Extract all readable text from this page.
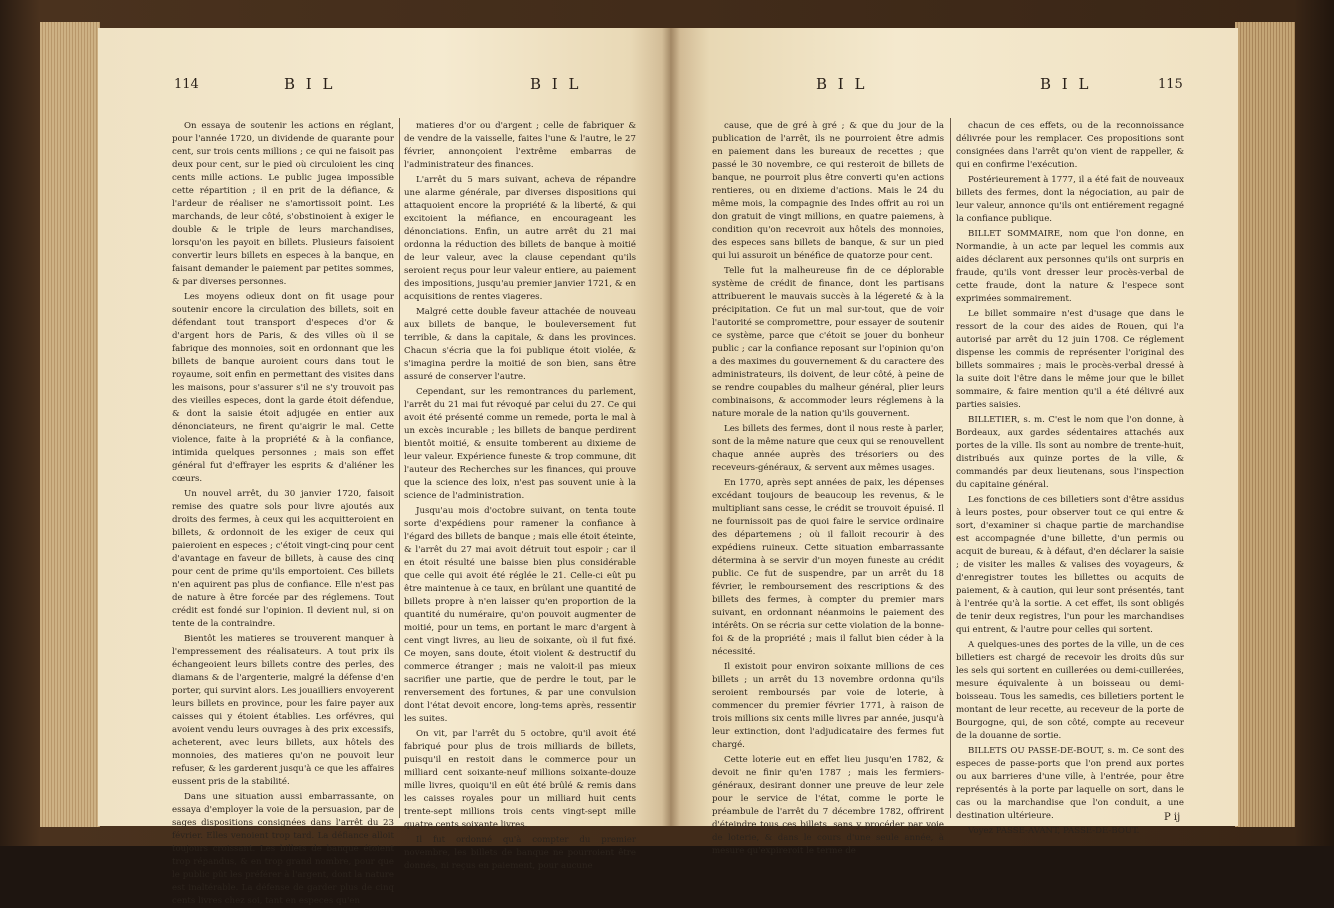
114	B I L	B I L

On essaya de soutenir les actions en réglant, pour l'année 1720, un dividende de quarante pour cent, sur trois cents millions ; ce qui ne faisoit pas deux pour cent, sur le pied où circuloient les cinq cents mille actions. Le public jugea impossible cette répartition ; il en prit de la défiance, & l'ardeur de réaliser ne s'amortissoit point. Les marchands, de leur côté, s'obstinoient à exiger le double & le triple de leurs marchandises, lorsqu'on les payoit en billets. Plusieurs faisoient convertir leurs billets en especes à la banque, en faisant demander le paiement par petites sommes, & par diverses personnes.

Les moyens odieux dont on fit usage pour soutenir encore la circulation des billets, soit en défendant tout transport d'especes d'or & d'argent hors de Paris, & des villes où il se fabrique des monnoies, soit en ordonnant que les billets de banque auroient cours dans tout le royaume, soit enfin en permettant des visites dans les maisons, pour s'assurer s'il ne s'y trouvoit pas des vieilles especes, dont la garde étoit défendue, & dont la saisie étoit adjugée en entier aux dénonciateurs, ne firent qu'aigrir le mal. Cette violence, faite à la propriété & à la confiance, intimida quelques personnes ; mais son effet général fut d'effrayer les esprits & d'aliéner les cœurs.

Un nouvel arrêt, du 30 janvier 1720, faisoit remise des quatre sols pour livre ajoutés aux droits des fermes, à ceux qui les acquitteroient en billets, & ordonnoit de les exiger de ceux qui paieroient en especes ; c'étoit vingt-cinq pour cent d'avantage en faveur de billets, à cause des cinq pour cent de prime qu'ils emportoient. Ces billets n'en aquirent pas plus de confiance. Elle n'est pas de nature à être forcée par des réglemens. Tout crédit est fondé sur l'opinion. Il devient nul, si on tente de la contraindre.

Bientôt les matieres se trouverent manquer à l'empressement des réalisateurs. A tout prix ils échangeoient leurs billets contre des perles, des diamans & de l'argenterie, malgré la défense d'en porter, qui survint alors. Les jouailliers envoyerent leurs billets en province, pour les faire payer aux caisses qui y étoient établies. Les orfévres, qui avoient vendu leurs ouvrages à des prix excessifs, acheterent, avec leurs billets, aux hôtels des monnoies, des matieres qu'on ne pouvoit leur refuser, & les garderent jusqu'à ce que les affaires eussent pris de la stabilité.

Dans une situation aussi embarrassante, on essaya d'employer la voie de la persuasion, par de sages dispositions consignées dans l'arrêt du 23 février. Elles venoient trop tard. La défiance alloit toujours croissant. Les billets de banque étoient trop répandus, & en trop grand nombre, pour que le public pût les préférer à l'argent, dont la nature est inaltérable. La défense de garder plus de cinq cents livres chez soi, tant en especes qu'en

matieres d'or ou d'argent ; celle de fabriquer & de vendre de la vaisselle, faites l'une & l'autre, le 27 février, annonçoient l'extrême embarras de l'administrateur des finances.

L'arrêt du 5 mars suivant, acheva de répandre une alarme générale, par diverses dispositions qui attaquoient encore la propriété & la liberté, & qui excitoient la méfiance, en encourageant les dénonciations. Enfin, un autre arrêt du 21 mai ordonna la réduction des billets de banque à moitié de leur valeur, avec la clause cependant qu'ils seroient reçus pour leur valeur entiere, au paiement des impositions, jusqu'au premier janvier 1721, & en acquisitions de rentes viageres.

Malgré cette double faveur attachée de nouveau aux billets de banque, le bouleversement fut terrible, & dans la capitale, & dans les provinces. Chacun s'écria que la foi publique étoit violée, & s'imagina perdre la moitié de son bien, sans être assuré de conserver l'autre.

Cependant, sur les remontrances du parlement, l'arrêt du 21 mai fut révoqué par celui du 27. Ce qui avoit été présenté comme un remede, porta le mal à un excès incurable ; les billets de banque perdirent bientôt moitié, & ensuite tomberent au dixieme de leur valeur. Expérience funeste & trop commune, dit l'auteur des Recherches sur les finances, qui prouve que la science des loix, n'est pas souvent unie à la science de l'administration.

Jusqu'au mois d'octobre suivant, on tenta toute sorte d'expédiens pour ramener la confiance à l'égard des billets de banque ; mais elle étoit éteinte, & l'arrêt du 27 mai avoit détruit tout espoir ; car il en étoit résulté une baisse bien plus considérable que celle qui avoit été réglée le 21. Celle-ci eût pu être maintenue à ce taux, en brûlant une quantité de billets propre à n'en laisser qu'en proportion de la quantité du numéraire, qu'on pouvoit augmenter de moitié, pour un tems, en portant le marc d'argent à cent vingt livres, au lieu de soixante, où il fut fixé. Ce moyen, sans doute, étoit violent & destructif du commerce étranger ; mais ne valoit-il pas mieux sacrifier une partie, que de perdre le tout, par le renversement des fortunes, & par une convulsion dont l'état devoit encore, long-tems après, ressentir les suites.

On vit, par l'arrêt du 5 octobre, qu'il avoit été fabriqué pour plus de trois milliards de billets, puisqu'il en restoit dans le commerce pour un milliard cent soixante-neuf millions soixante-douze mille livres, quoiqu'il en eût été brûlé & remis dans les caisses royales pour un milliard huit cents trente-sept millions trois cents vingt-sept mille quatre cents soixante livres.

Il fut ordonné qu'à compter du premier novembre, les billets de banque ne pourroient être donnés, ni reçus en paiement, pour aucune

B I L	B I L	115

cause, que de gré à gré ; & que du jour de la publication de l'arrêt, ils ne pourroient être admis en paiement dans les bureaux de recettes ; que passé le 30 novembre, ce qui resteroit de billets de banque, ne pourroit plus être converti qu'en actions rentieres, ou en dixieme d'actions. Mais le 24 du même mois, la compagnie des Indes offrit au roi un don gratuit de vingt millions, en quatre paiemens, à condition qu'on recevroit aux hôtels des monnoies, des especes sans billets de banque, & sur un pied qui lui assuroit un bénéfice de quatorze pour cent.

Telle fut la malheureuse fin de ce déplorable système de crédit de finance, dont les partisans attribuerent le mauvais succès à la légereté & à la précipitation. Ce fut un mal sur-tout, que de voir l'autorité se compromettre, pour essayer de soutenir ce système, parce que c'étoit se jouer du bonheur public ; car la confiance reposant sur l'opinion qu'on a des maximes du gouvernement & du caractere des administrateurs, ils doivent, de leur côté, à peine de se rendre coupables du malheur général, plier leurs combinaisons, & accommoder leurs réglemens à la nature morale de la nation qu'ils gouvernent.

Les billets des fermes, dont il nous reste à parler, sont de la même nature que ceux qui se renouvellent chaque année auprès des trésoriers ou des receveurs-généraux, & servent aux mêmes usages.

En 1770, après sept années de paix, les dépenses excédant toujours de beaucoup les revenus, & le multipliant sans cesse, le crédit se trouvoit épuisé. Il ne fournissoit pas de quoi faire le service ordinaire des départemens ; où il falloit recourir à des expédiens ruineux. Cette situation embarrassante détermina à se servir d'un moyen funeste au crédit public. Ce fut de suspendre, par un arrêt du 18 février, le remboursement des rescriptions & des billets des fermes, à compter du premier mars suivant, en ordonnant néanmoins le paiement des intérêts. On se récria sur cette violation de la bonne-foi & de la propriété ; mais il fallut bien céder à la nécessité.

Il existoit pour environ soixante millions de ces billets ; un arrêt du 13 novembre ordonna qu'ils seroient remboursés par voie de loterie, à commencer du premier février 1771, à raison de trois millions six cents mille livres par année, jusqu'à leur extinction, dont l'adjudicataire des fermes fut chargé.

Cette loterie eut en effet lieu jusqu'en 1782, & devoit ne finir qu'en 1787 ; mais les fermiers-généraux, desirant donner une preuve de leur zele pour le service de l'état, comme le porte le préambule de l'arrêt du 7 décembre 1782, offrirent d'éteindre tous ces billets, sans y procéder par voie de loterie, & dans le cours d'une seule année, à mesure qu'expireroit le terme de

chacun de ces effets, ou de la reconnoissance délivrée pour les remplacer. Ces propositions sont consignées dans l'arrêt qu'on vient de rappeller, & qui en confirme l'exécution.

Postérieurement à 1777, il a été fait de nouveaux billets des fermes, dont la négociation, au pair de leur valeur, annonce qu'ils ont entiérement regagné la confiance publique.

BILLET SOMMAIRE, nom que l'on donne, en Normandie, à un acte par lequel les commis aux aides déclarent aux personnes qu'ils ont surpris en fraude, qu'ils vont dresser leur procès-verbal de cette fraude, dont la nature & l'espece sont exprimées sommairement.

Le billet sommaire n'est d'usage que dans le ressort de la cour des aides de Rouen, qui l'a autorisé par arrêt du 12 juin 1708. Ce réglement dispense les commis de représenter l'original des billets sommaires ; mais le procès-verbal dressé à la suite doit l'être dans le même jour que le billet sommaire, & faire mention qu'il a été délivré aux parties saisies.

BILLETIER, s. m. C'est le nom que l'on donne, à Bordeaux, aux gardes sédentaires attachés aux portes de la ville. Ils sont au nombre de trente-huit, distribués aux quinze portes de la ville, & commandés par deux lieutenans, sous l'inspection du capitaine général.

Les fonctions de ces billetiers sont d'être assidus à leurs postes, pour observer tout ce qui entre & sort, d'examiner si chaque partie de marchandise est accompagnée d'une billette, d'un permis ou acquit de bureau, & à défaut, d'en déclarer la saisie ; de visiter les malles & valises des voyageurs, & d'enregistrer toutes les billettes ou acquits de paiement, & à caution, qui leur sont présentés, tant à l'entrée qu'à la sortie. A cet effet, ils sont obligés de tenir deux registres, l'un pour les marchandises qui entrent, & l'autre pour celles qui sortent.

A quelques-unes des portes de la ville, un de ces billetiers est chargé de recevoir les droits dûs sur les sels qui sortent en cuillerées ou demi-cuillerées, mesure équivalente à un boisseau ou demi-boisseau. Tous les samedis, ces billetiers portent le montant de leur recette, au receveur de la porte de Bourgogne, qui, de son côté, compte au receveur de la douanne de sortie.

BILLETS OU PASSE-DE-BOUT, s. m. Ce sont des especes de passe-ports que l'on prend aux portes ou aux barrieres d'une ville, à l'entrée, pour être représentés à la porte par laquelle on sort, dans le cas ou la marchandise que l'on conduit, a une destination ultérieure.

Voyez PASSE-AVANT, PASSE-DE-BOUT.

P ij
